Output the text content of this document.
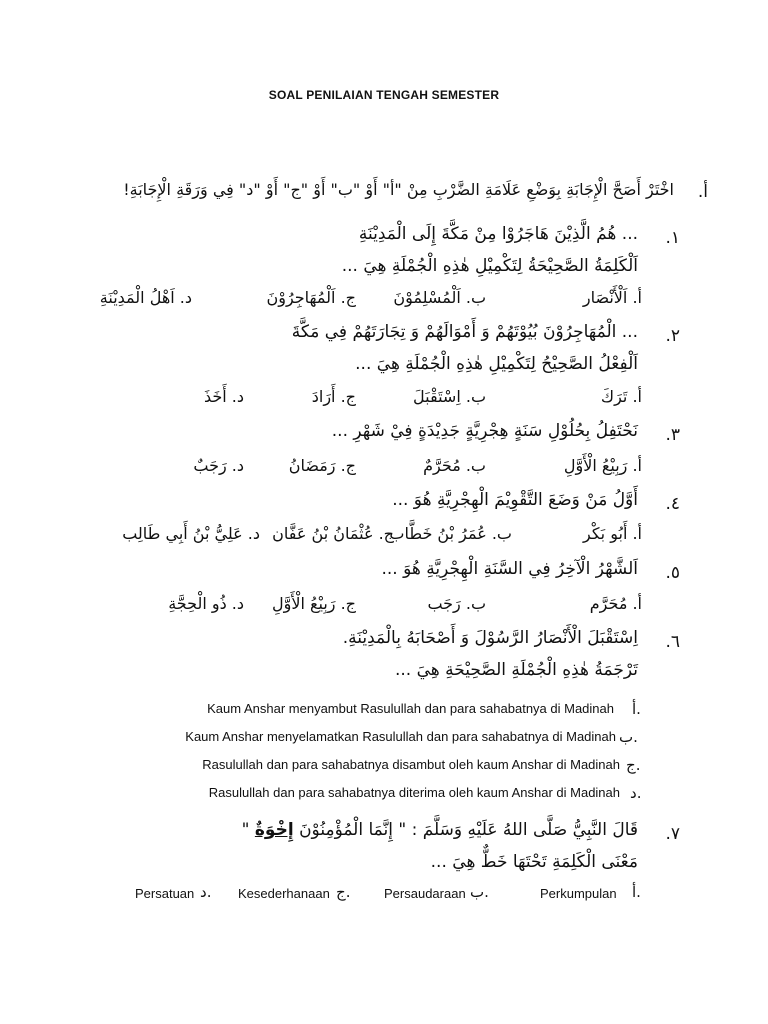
SOAL PENILAIAN TENGAH SEMESTER
أ.
اخْتَرْ أَصَحَّ الْإِجَابَةِ بِوَضْعِ عَلَامَةِ الضَّرْبِ مِنْ "أ" أَوْ "ب" أَوْ "ج" أَوْ "د" فِي وَرَقَةِ الْإِجَابَةِ!
١.
... هُمُ الَّذِيْنَ هَاجَرُوْا مِنْ مَكَّةَ إِلَى الْمَدِيْنَةِ
اَلْكَلِمَةُ الصَّحِيْحَةُ لِتَكْمِيْلِ هٰذِهِ الْجُمْلَةِ هِيَ ...
أ. اَلْأَنْصَار
ب. اَلْمُسْلِمُوْنَ
ج. اَلْمُهَاجِرُوْنَ
د. اَهْلُ الْمَدِيْنَةِ
٢.
... الْمُهَاجِرُوْنَ بُيُوْتَهُمْ وَ أَمْوَالَهُمْ وَ تِجَارَتَهُمْ فِي مَكَّةَ
اَلْفِعْلُ الصَّحِيْحُ لِتَكْمِيْلِ هٰذِهِ الْجُمْلَةِ هِيَ ...
أ. تَرَكَ
ب. اِسْتَقْبَلَ
ج. أَرَادَ
د. أَخَذَ
٣.
نَحْتَفِلُ بِحُلُوْلِ سَنَةٍ هِجْرِيَّةٍ جَدِيْدَةٍ فِيْ شَهْرِ ...
أ. رَبِيْعُ الْأَوَّلِ
ب. مُحَرَّمٌ
ج. رَمَضَانُ
د. رَجَبٌ
٤.
أَوَّلُ مَنْ وَضَعَ التَّقْوِيْمَ الْهِجْرِيَّةِ هُوَ ...
أ. أَبُو بَكْر
ب. عُمَرُ بْنُ خَطَّاب
ج. عُثْمَانُ بْنُ عَفَّان
د. عَلِيُّ بْنُ أَبِي طَالِب
٥.
اَلشَّهْرُ الْآخِرُ فِي السَّنَةِ الْهِجْرِيَّةِ هُوَ ...
أ. مُحَرَّم
ب. رَجَب
ج. رَبِيْعُ الْأَوَّلِ
د. ذُو الْحِجَّةِ
٦.
اِسْتَقْبَلَ الْأَنْصَارُ الرَّسُوْلَ وَ أَصْحَابَهُ بِالْمَدِيْنَةِ.
تَرْجَمَةُ هٰذِهِ الْجُمْلَةِ الصَّحِيْحَةِ هِيَ ...
أ.
Kaum Anshar menyambut Rasulullah dan para sahabatnya di Madinah
ب.
Kaum Anshar menyelamatkan Rasulullah dan para sahabatnya di Madinah
ج.
Rasulullah dan para sahabatnya disambut oleh kaum Anshar di Madinah
د.
Rasulullah dan para sahabatnya diterima oleh kaum Anshar di Madinah
٧.
قَالَ النَّبِيُّ صَلَّى اللهُ عَلَيْهِ وَسَلَّمَ : " إِنَّمَا الْمُؤْمِنُوْنَ إِخْوَةٌ "
مَعْنَى الْكَلِمَةِ تَحْتَهَا خَطٌّ هِيَ ...
أ.
Perkumpulan
ب.
Persaudaraan
ج.
Kesederhanaan
د.
Persatuan
